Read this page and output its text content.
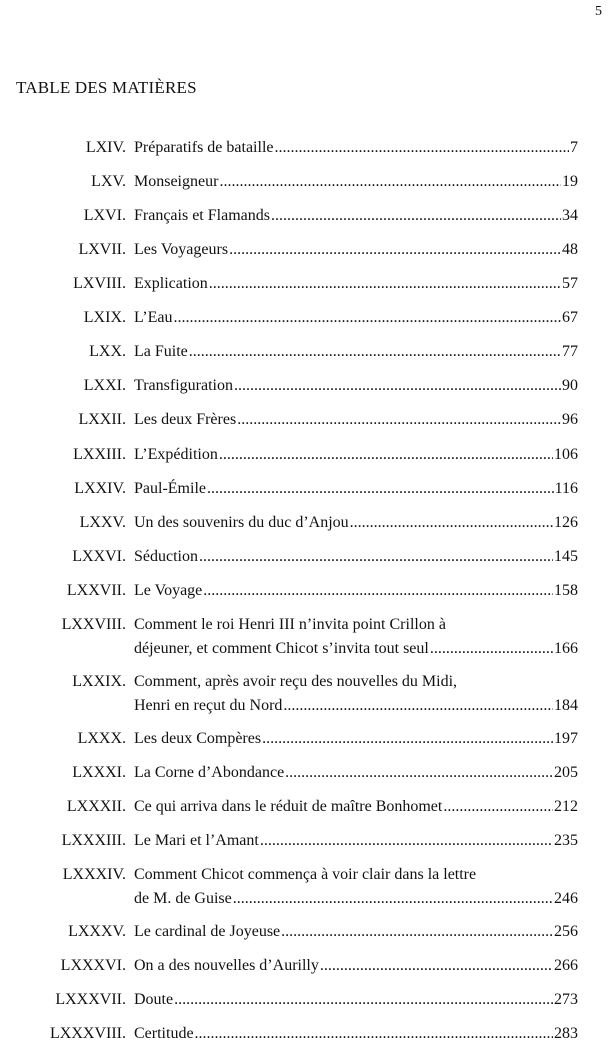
5
TABLE DES MATIÈRES
LXIV. Préparatifs de bataille .....	7
LXV. Monseigneur .....	19
LXVI. Français et Flamands .....	34
LXVII. Les Voyageurs .....	48
LXVIII. Explication .....	57
LXIX. L’Eau .....	67
LXX. La Fuite .....	77
LXXI. Transfiguration .....	90
LXXII. Les deux Frères .....	96
LXXIII. L’Expédition .....	106
LXXIV. Paul-Émile .....	116
LXXV. Un des souvenirs du duc d’Anjou .....	126
LXXVI. Séduction .....	145
LXXVII. Le Voyage .....	158
LXXVIII. Comment le roi Henri III n’invita point Crillon à
déjeuner, et comment Chicot s’invita tout seul .....	166
LXXIX. Comment, après avoir reçu des nouvelles du Midi,
Henri en reçut du Nord .....	184
LXXX. Les deux Compères .....	197
LXXXI. La Corne d’Abondance .....	205
LXXXII. Ce qui arriva dans le réduit de maître Bonhomet .....	212
LXXXIII. Le Mari et l’Amant .....	235
LXXXIV. Comment Chicot commença à voir clair dans la lettre
de M. de Guise .....	246
LXXXV. Le cardinal de Joyeuse .....	256
LXXXVI. On a des nouvelles d’Aurilly .....	266
LXXXVII. Doute .....	273
LXXXVIII. Certitude .....	283
